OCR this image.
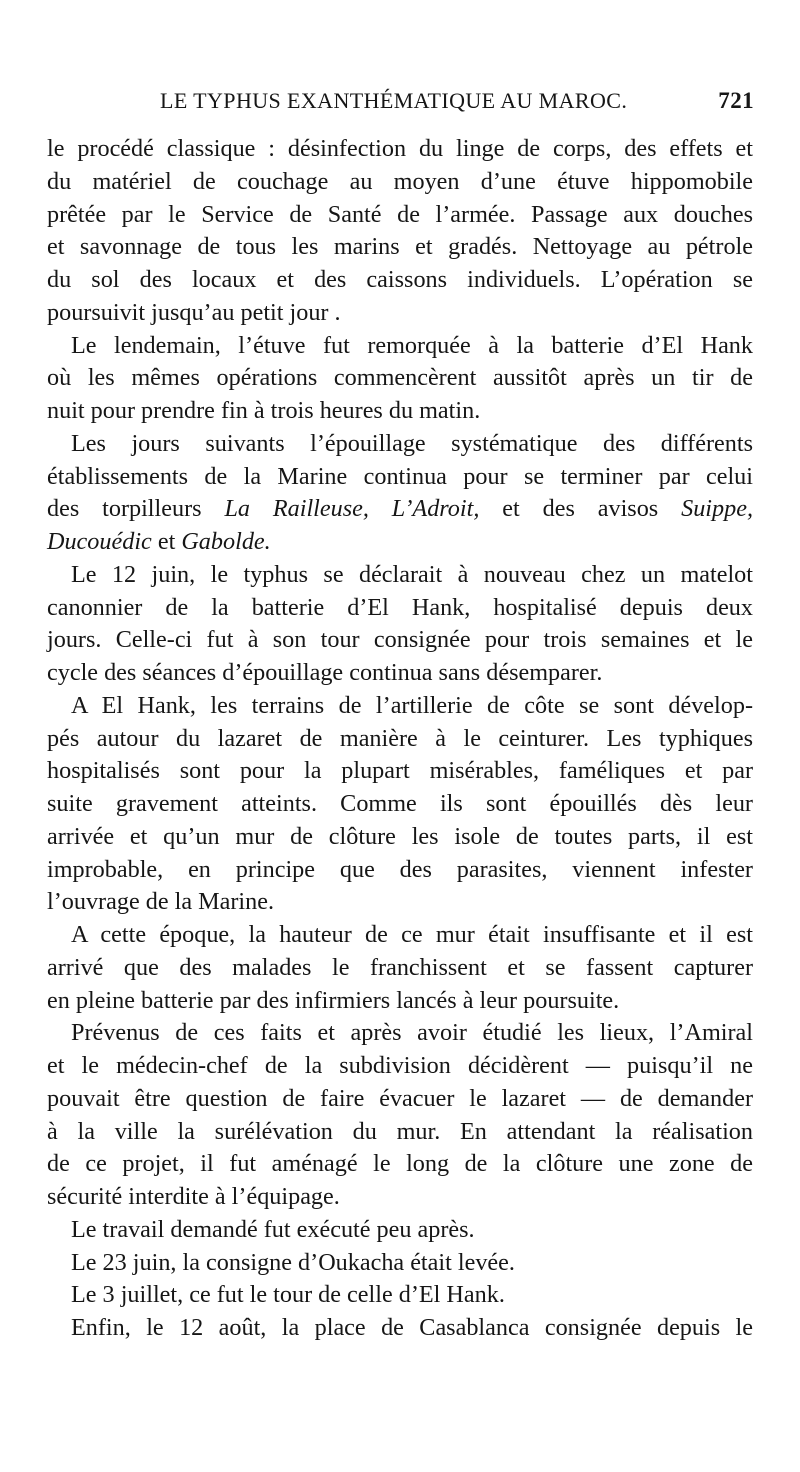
LE TYPHUS EXANTHÉMATIQUE AU MAROC.	721
le procédé classique : désinfection du linge de corps, des effets et
du matériel de couchage au moyen d’une étuve hippomobile
prêtée par le Service de Santé de l’armée. Passage aux douches
et savonnage de tous les marins et gradés. Nettoyage au pétrole
du sol des locaux et des caissons individuels. L’opération se
poursuivit jusqu’au petit jour .
Le lendemain, l’étuve fut remorquée à la batterie d’El Hank
où les mêmes opérations commencèrent aussitôt après un tir de
nuit pour prendre fin à trois heures du matin.
Les jours suivants l’épouillage systématique des différents
établissements de la Marine continua pour se terminer par celui
des torpilleurs La Railleuse, L’Adroit, et des avisos Suippe,
Ducouédic et Gabolde.
Le 12 juin, le typhus se déclarait à nouveau chez un matelot
canonnier de la batterie d’El Hank, hospitalisé depuis deux
jours. Celle-ci fut à son tour consignée pour trois semaines et le
cycle des séances d’épouillage continua sans désemparer.
A El Hank, les terrains de l’artillerie de côte se sont dévelop-
pés autour du lazaret de manière à le ceinturer. Les typhiques
hospitalisés sont pour la plupart misérables, faméliques et par
suite gravement atteints. Comme ils sont épouillés dès leur
arrivée et qu’un mur de clôture les isole de toutes parts, il est
improbable, en principe que des parasites, viennent infester
l’ouvrage de la Marine.
A cette époque, la hauteur de ce mur était insuffisante et il est
arrivé que des malades le franchissent et se fassent capturer
en pleine batterie par des infirmiers lancés à leur poursuite.
Prévenus de ces faits et après avoir étudié les lieux, l’Amiral
et le médecin-chef de la subdivision décidèrent — puisqu’il ne
pouvait être question de faire évacuer le lazaret — de demander
à la ville la surélévation du mur. En attendant la réalisation
de ce projet, il fut aménagé le long de la clôture une zone de
sécurité interdite à l’équipage.
Le travail demandé fut exécuté peu après.
Le 23 juin, la consigne d’Oukacha était levée.
Le 3 juillet, ce fut le tour de celle d’El Hank.
Enfin, le 12 août, la place de Casablanca consignée depuis le
